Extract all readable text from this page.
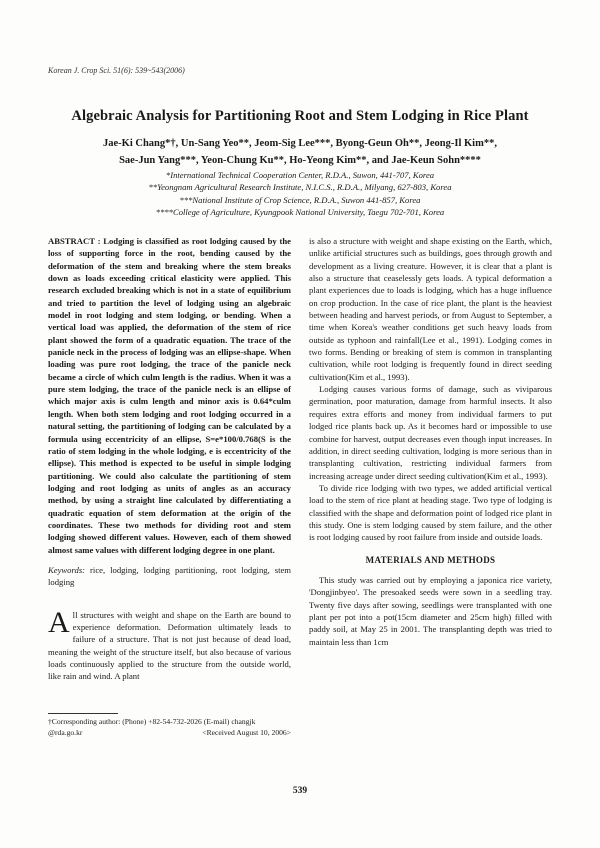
Korean J. Crop Sci. 51(6): 539~543(2006)
Algebraic Analysis for Partitioning Root and Stem Lodging in Rice Plant
Jae-Ki Chang*†, Un-Sang Yeo**, Jeom-Sig Lee***, Byong-Geun Oh**, Jeong-Il Kim**,
Sae-Jun Yang***, Yeon-Chung Ku**, Ho-Yeong Kim**, and Jae-Keun Sohn****
*International Technical Cooperation Center, R.D.A., Suwon, 441-707, Korea
**Yeongnam Agricultural Research Institute, N.I.C.S., R.D.A., Milyang, 627-803, Korea
***National Institute of Crop Science, R.D.A., Suwon 441-857, Korea
****College of Agriculture, Kyungpook National University, Taegu 702-701, Korea

ABSTRACT : Lodging is classified as root lodging caused by the loss of supporting force in the root, bending caused by the deformation of the stem and breaking where the stem breaks down as loads exceeding critical elasticity were applied. This research excluded breaking which is not in a state of equilibrium and tried to partition the level of lodging using an algebraic model in root lodging and stem lodging, or bending. When a vertical load was applied, the deformation of the stem of rice plant showed the form of a quadratic equation. The trace of the panicle neck in the process of lodging was an ellipse-shape. When loading was pure root lodging, the trace of the panicle neck became a circle of which culm length is the radius. When it was a pure stem lodging, the trace of the panicle neck is an ellipse of which major axis is culm length and minor axis is 0.64*culm length. When both stem lodging and root lodging occurred in a natural setting, the partitioning of lodging can be calculated by a formula using eccentricity of an ellipse, S=e*100/0.768(S is the ratio of stem lodging in the whole lodging, e is eccentricity of the ellipse). This method is expected to be useful in simple lodging partitioning. We could also calculate the partitioning of stem lodging and root lodging as units of angles as an accuracy method, by using a straight line calculated by differentiating a quadratic equation of stem deformation at the origin of the coordinates. These two methods for dividing root and stem lodging showed different values. However, each of them showed almost same values with different lodging degree in one plant.

Keywords: rice, lodging, lodging partitioning, root lodging, stem lodging

All structures with weight and shape on the Earth are bound to experience deformation. Deformation ultimately leads to failure of a structure. That is not just because of dead load, meaning the weight of the structure itself, but also because of various loads continuously applied to the structure from the outside world, like rain and wind. A plant

†Corresponding author: (Phone) +82-54-732-2026 (E-mail) changjk
@rda.go.kr	<Received August 10, 2006>

is also a structure with weight and shape existing on the Earth, which, unlike artificial structures such as buildings, goes through growth and development as a living creature. However, it is clear that a plant is also a structure that ceaselessly gets loads. A typical deformation a plant experiences due to loads is lodging, which has a huge influence on crop production. In the case of rice plant, the plant is the heaviest between heading and harvest periods, or from August to September, a time when Korea's weather conditions get such heavy loads from outside as typhoon and rainfall(Lee et al., 1991). Lodging comes in two forms. Bending or breaking of stem is common in transplanting cultivation, while root lodging is frequently found in direct seeding cultivation(Kim et al., 1993).

Lodging causes various forms of damage, such as viviparous germination, poor maturation, damage from harmful insects. It also requires extra efforts and money from individual farmers to put lodged rice plants back up. As it becomes hard or impossible to use combine for harvest, output decreases even though input increases. In addition, in direct seeding cultivation, lodging is more serious than in transplanting cultivation, restricting individual farmers from increasing acreage under direct seeding cultivation(Kim et al., 1993).

To divide rice lodging with two types, we added artificial vertical load to the stem of rice plant at heading stage. Two type of lodging is classified with the shape and deformation point of lodged rice plant in this study. One is stem lodging caused by stem failure, and the other is root lodging caused by root failure from inside and outside loads.

MATERIALS AND METHODS

This study was carried out by employing a japonica rice variety, 'Dongjinbyeo'. The presoaked seeds were sown in a seedling tray. Twenty five days after sowing, seedlings were transplanted with one plant per pot into a pot(15cm diameter and 25cm high) filled with paddy soil, at May 25 in 2001. The transplanting depth was tried to maintain less than 1cm

539
